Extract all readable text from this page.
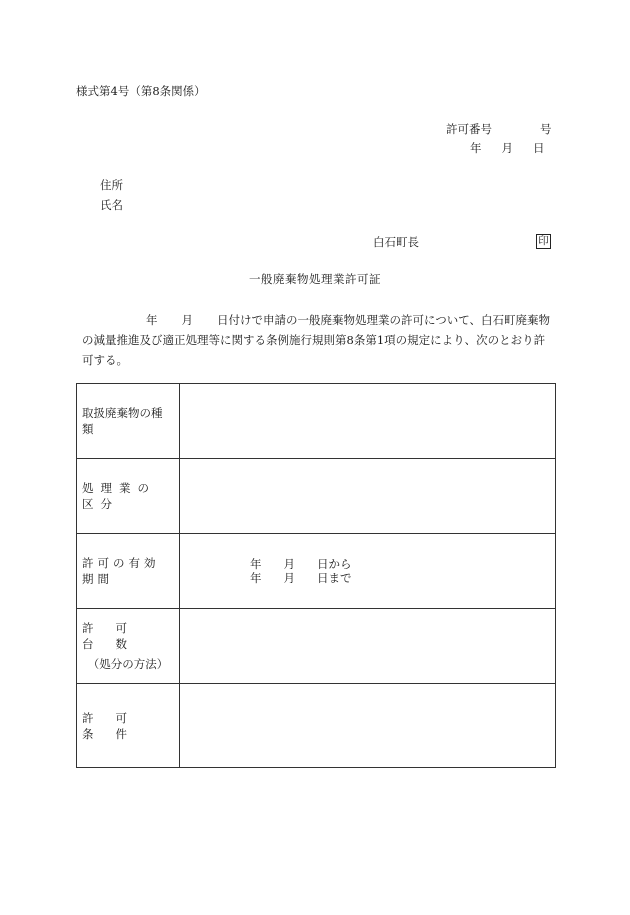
様式第4号（第8条関係）
許可番号	号
年 月 日
住所
氏名
白石町長	印
一般廃棄物処理業許可証
年 月 日付けで申請の一般廃棄物処理業の許可について、白石町廃棄物の減量推進及び適正処理等に関する条例施行規則第8条第1項の規定により、次のとおり許可する。
取扱廃棄物の種類	

処理業の区分	

許可の有効期間	年 月 日から
年 月 日まで

許可台数
（処分の方法）	

許可条件	
